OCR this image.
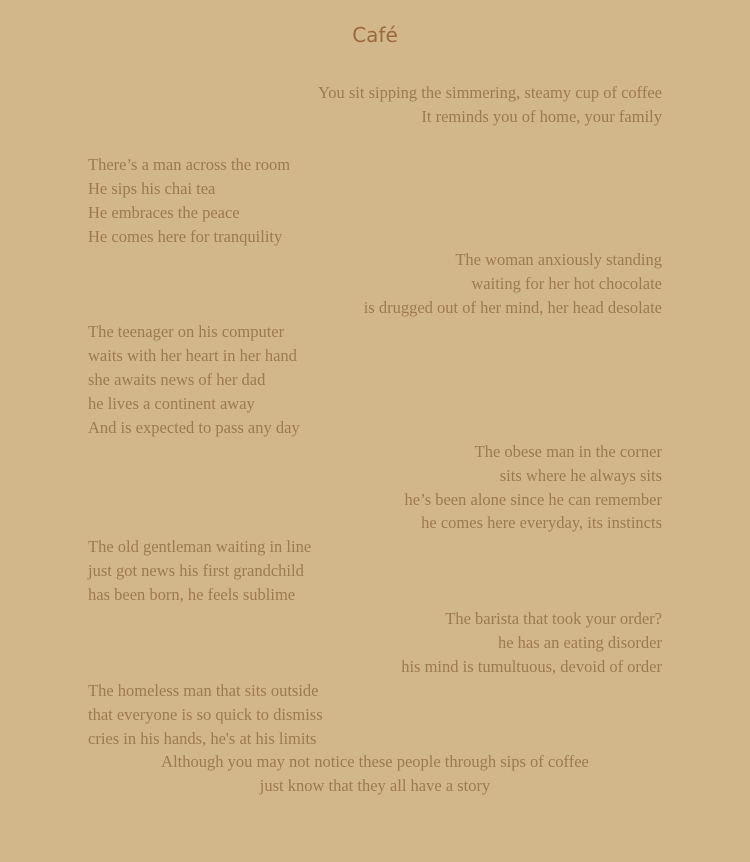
Café
You sit sipping the simmering, steamy cup of coffee
It reminds you of home, your family
There’s a man across the room
He sips his chai tea
He embraces the peace
He comes here for tranquility
The woman anxiously standing
waiting for her hot chocolate
is drugged out of her mind, her head desolate
The teenager on his computer
waits with her heart in her hand
she awaits news of her dad
he lives a continent away
And is expected to pass any day
The obese man in the corner
sits where he always sits
he’s been alone since he can remember
he comes here everyday, its instincts
The old gentleman waiting in line
just got news his first grandchild
has been born, he feels sublime
The barista that took your order?
he has an eating disorder
his mind is tumultuous, devoid of order
The homeless man that sits outside
that everyone is so quick to dismiss
cries in his hands, he's at his limits
Although you may not notice these people through sips of coffee
just know that they all have a story
